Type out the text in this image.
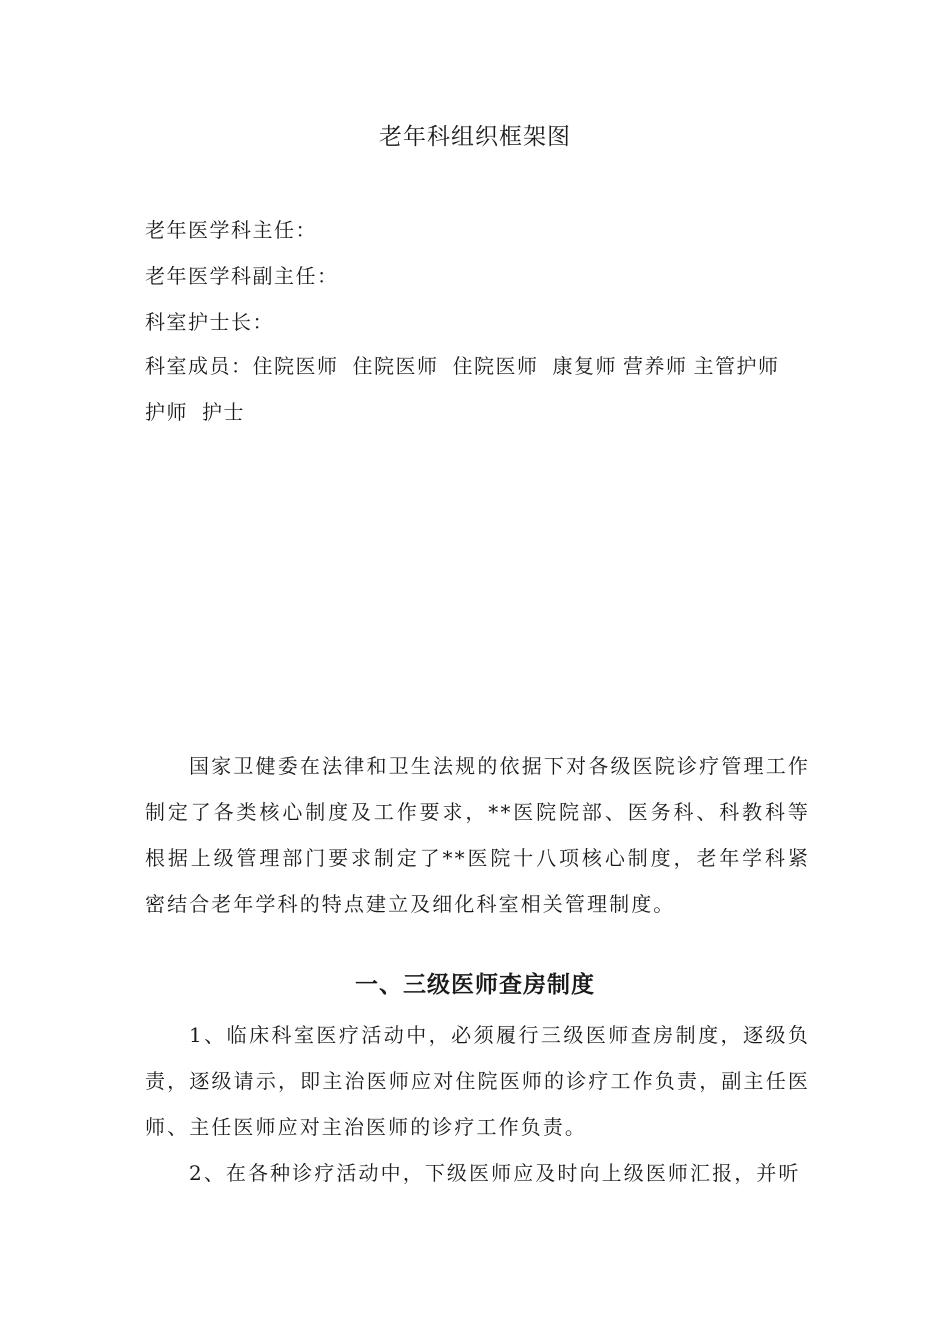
老年科组织框架图

老年医学科主任：

老年医学科副主任：

科室护士长：

科室成员：住院医师 住院医师 住院医师 康复师 营养师 主管护师护师 护士

国家卫健委在法律和卫生法规的依据下对各级医院诊疗管理工作制定了各类核心制度及工作要求，**医院院部、医务科、科教科等根据上级管理部门要求制定了**医院十八项核心制度，老年学科紧密结合老年学科的特点建立及细化科室相关管理制度。

一、三级医师查房制度

1、临床科室医疗活动中，必须履行三级医师查房制度，逐级负责，逐级请示，即主治医师应对住院医师的诊疗工作负责，副主任医师、主任医师应对主治医师的诊疗工作负责。

2、在各种诊疗活动中，下级医师应及时向上级医师汇报，并听
